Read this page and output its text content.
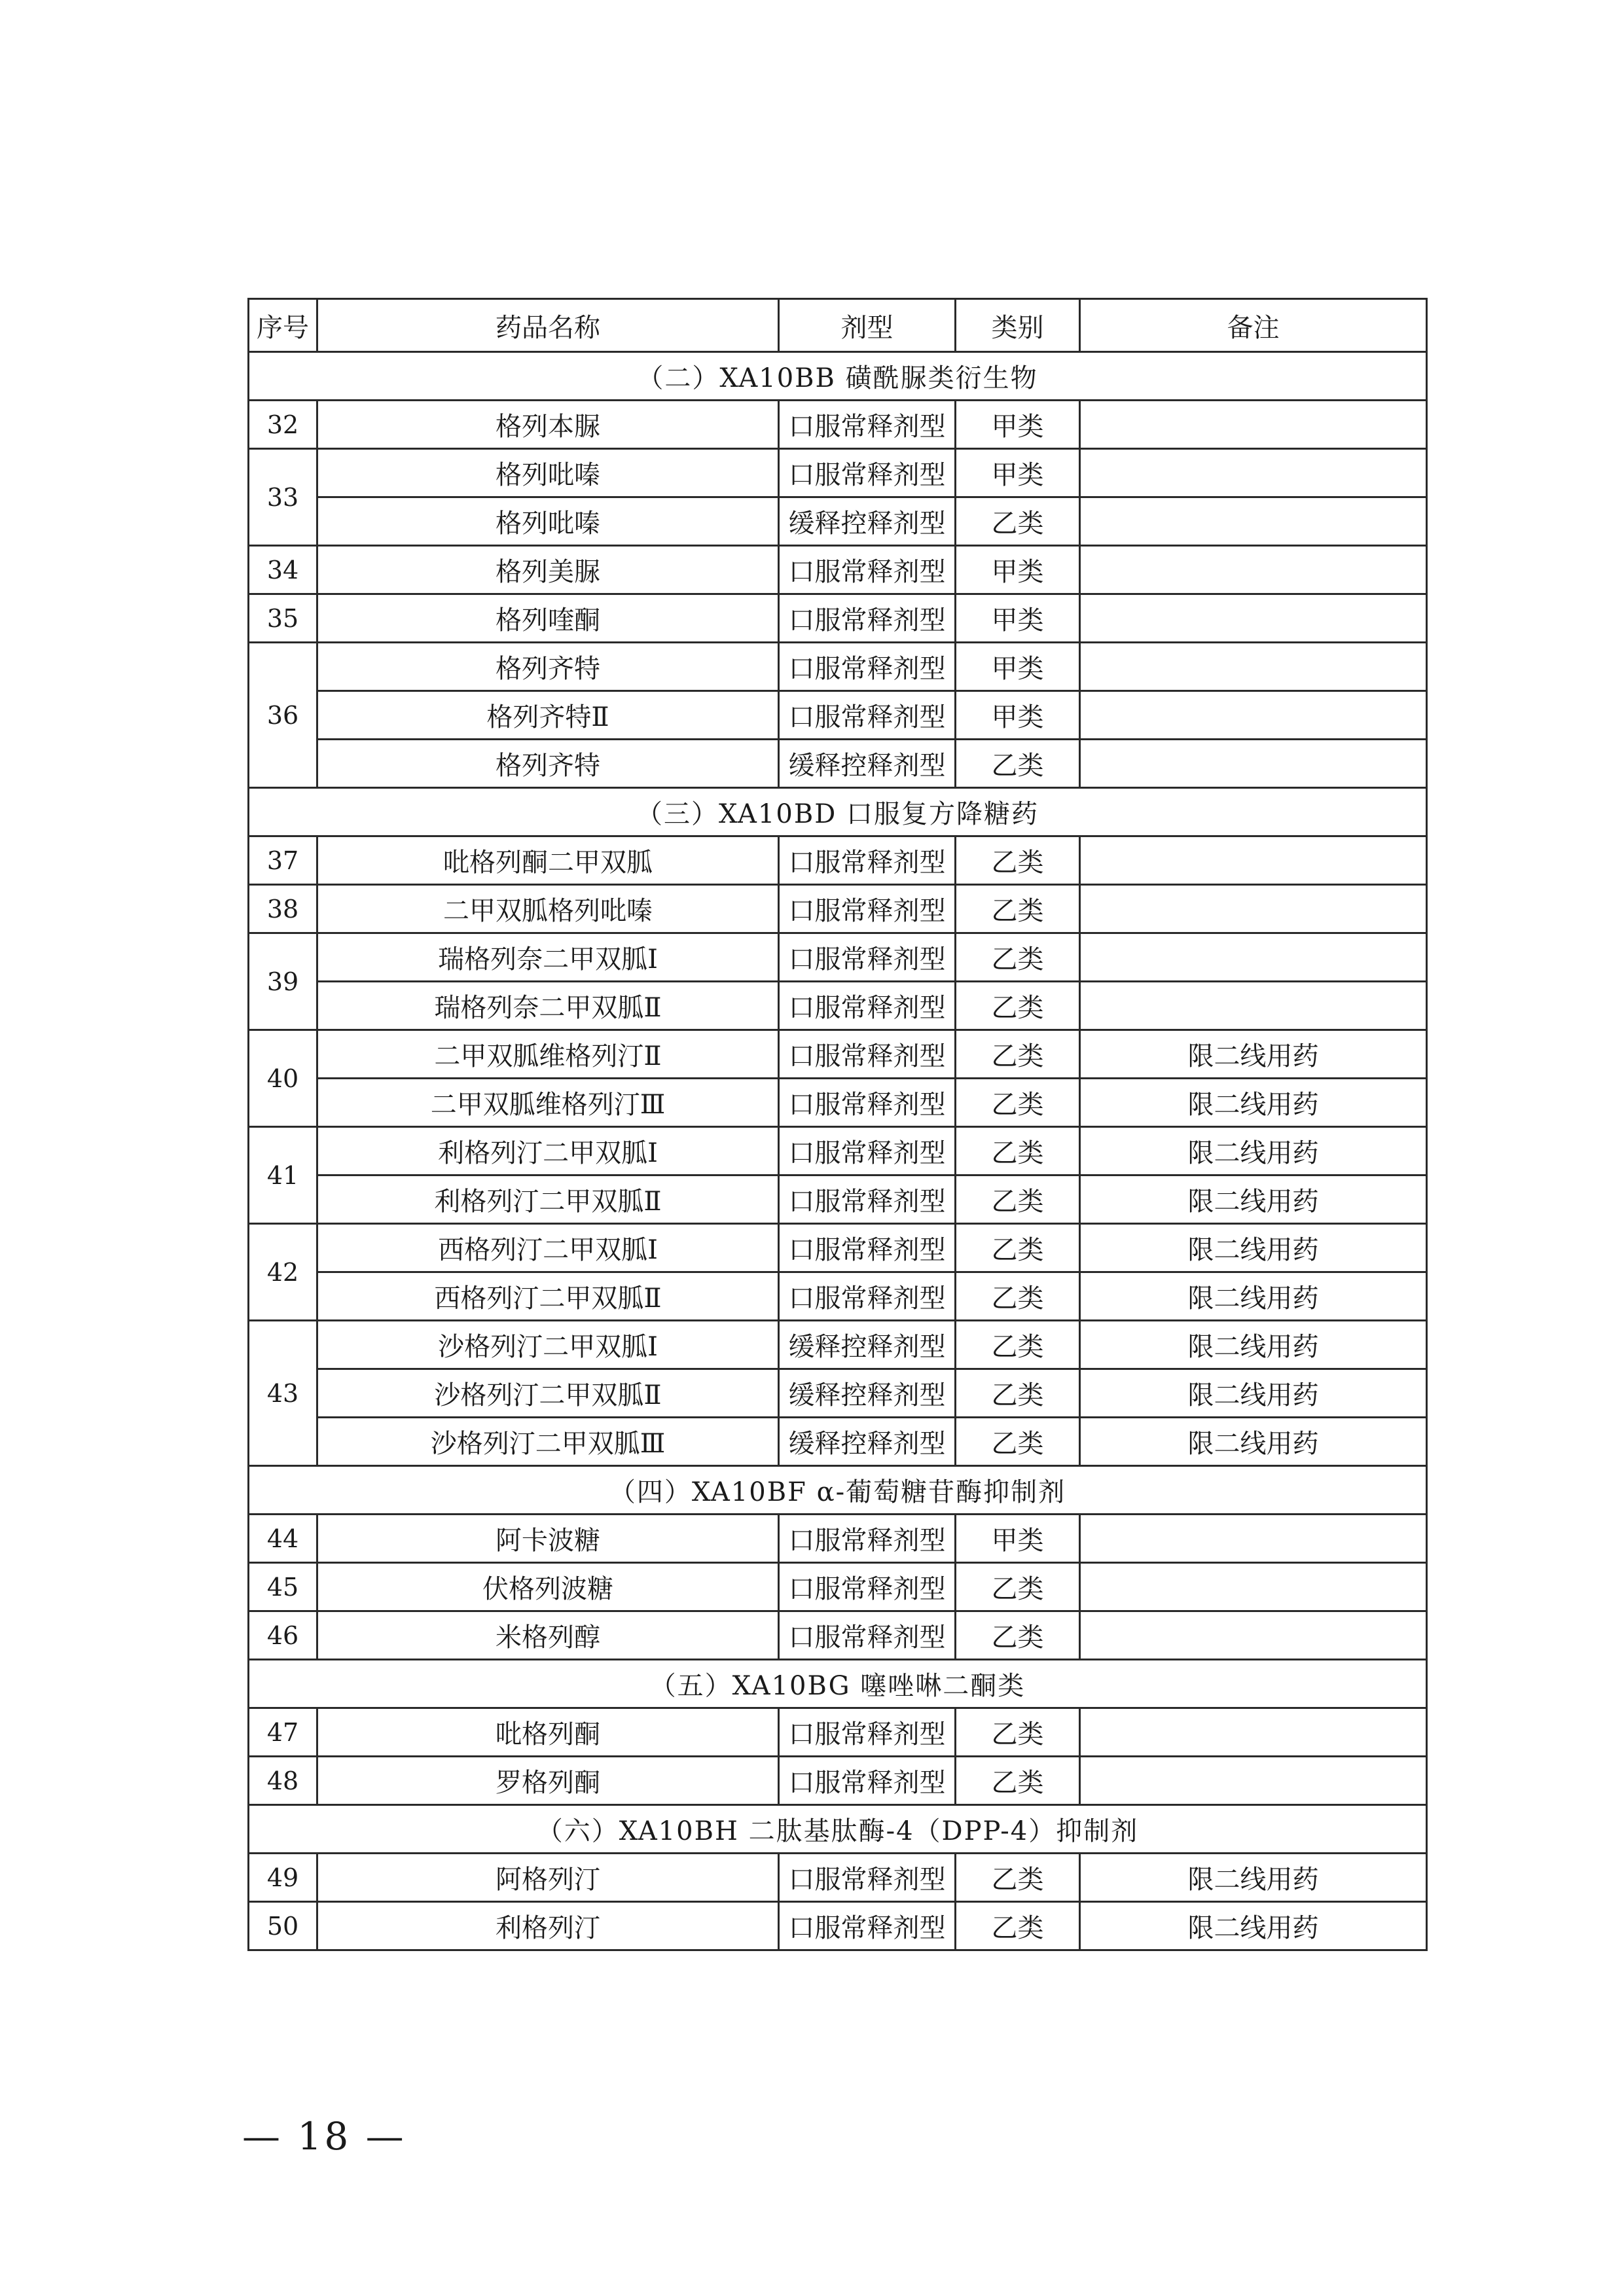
序号	药品名称	剂型	类别	备注
（二）XA10BB 磺酰脲类衍生物				
32	格列本脲	口服常释剂型	甲类	
33	格列吡嗪	口服常释剂型	甲类	
	格列吡嗪	缓释控释剂型	乙类	
34	格列美脲	口服常释剂型	甲类	
35	格列喹酮	口服常释剂型	甲类	
36	格列齐特	口服常释剂型	甲类	
	格列齐特Ⅱ	口服常释剂型	甲类	
	格列齐特	缓释控释剂型	乙类	
（三）XA10BD 口服复方降糖药				
37	吡格列酮二甲双胍	口服常释剂型	乙类	
38	二甲双胍格列吡嗪	口服常释剂型	乙类	
39	瑞格列奈二甲双胍Ⅰ	口服常释剂型	乙类	
	瑞格列奈二甲双胍Ⅱ	口服常释剂型	乙类	
40	二甲双胍维格列汀Ⅱ	口服常释剂型	乙类	限二线用药
	二甲双胍维格列汀Ⅲ	口服常释剂型	乙类	限二线用药
41	利格列汀二甲双胍Ⅰ	口服常释剂型	乙类	限二线用药
	利格列汀二甲双胍Ⅱ	口服常释剂型	乙类	限二线用药
42	西格列汀二甲双胍Ⅰ	口服常释剂型	乙类	限二线用药
	西格列汀二甲双胍Ⅱ	口服常释剂型	乙类	限二线用药
43	沙格列汀二甲双胍Ⅰ	缓释控释剂型	乙类	限二线用药
	沙格列汀二甲双胍Ⅱ	缓释控释剂型	乙类	限二线用药
	沙格列汀二甲双胍Ⅲ	缓释控释剂型	乙类	限二线用药
（四）XA10BF α-葡萄糖苷酶抑制剂				
44	阿卡波糖	口服常释剂型	甲类	
45	伏格列波糖	口服常释剂型	乙类	
46	米格列醇	口服常释剂型	乙类	
（五）XA10BG 噻唑啉二酮类				
47	吡格列酮	口服常释剂型	乙类	
48	罗格列酮	口服常释剂型	乙类	
（六）XA10BH 二肽基肽酶-4（DPP-4）抑制剂				
49	阿格列汀	口服常释剂型	乙类	限二线用药
50	利格列汀	口服常释剂型	乙类	限二线用药
— 18 —
